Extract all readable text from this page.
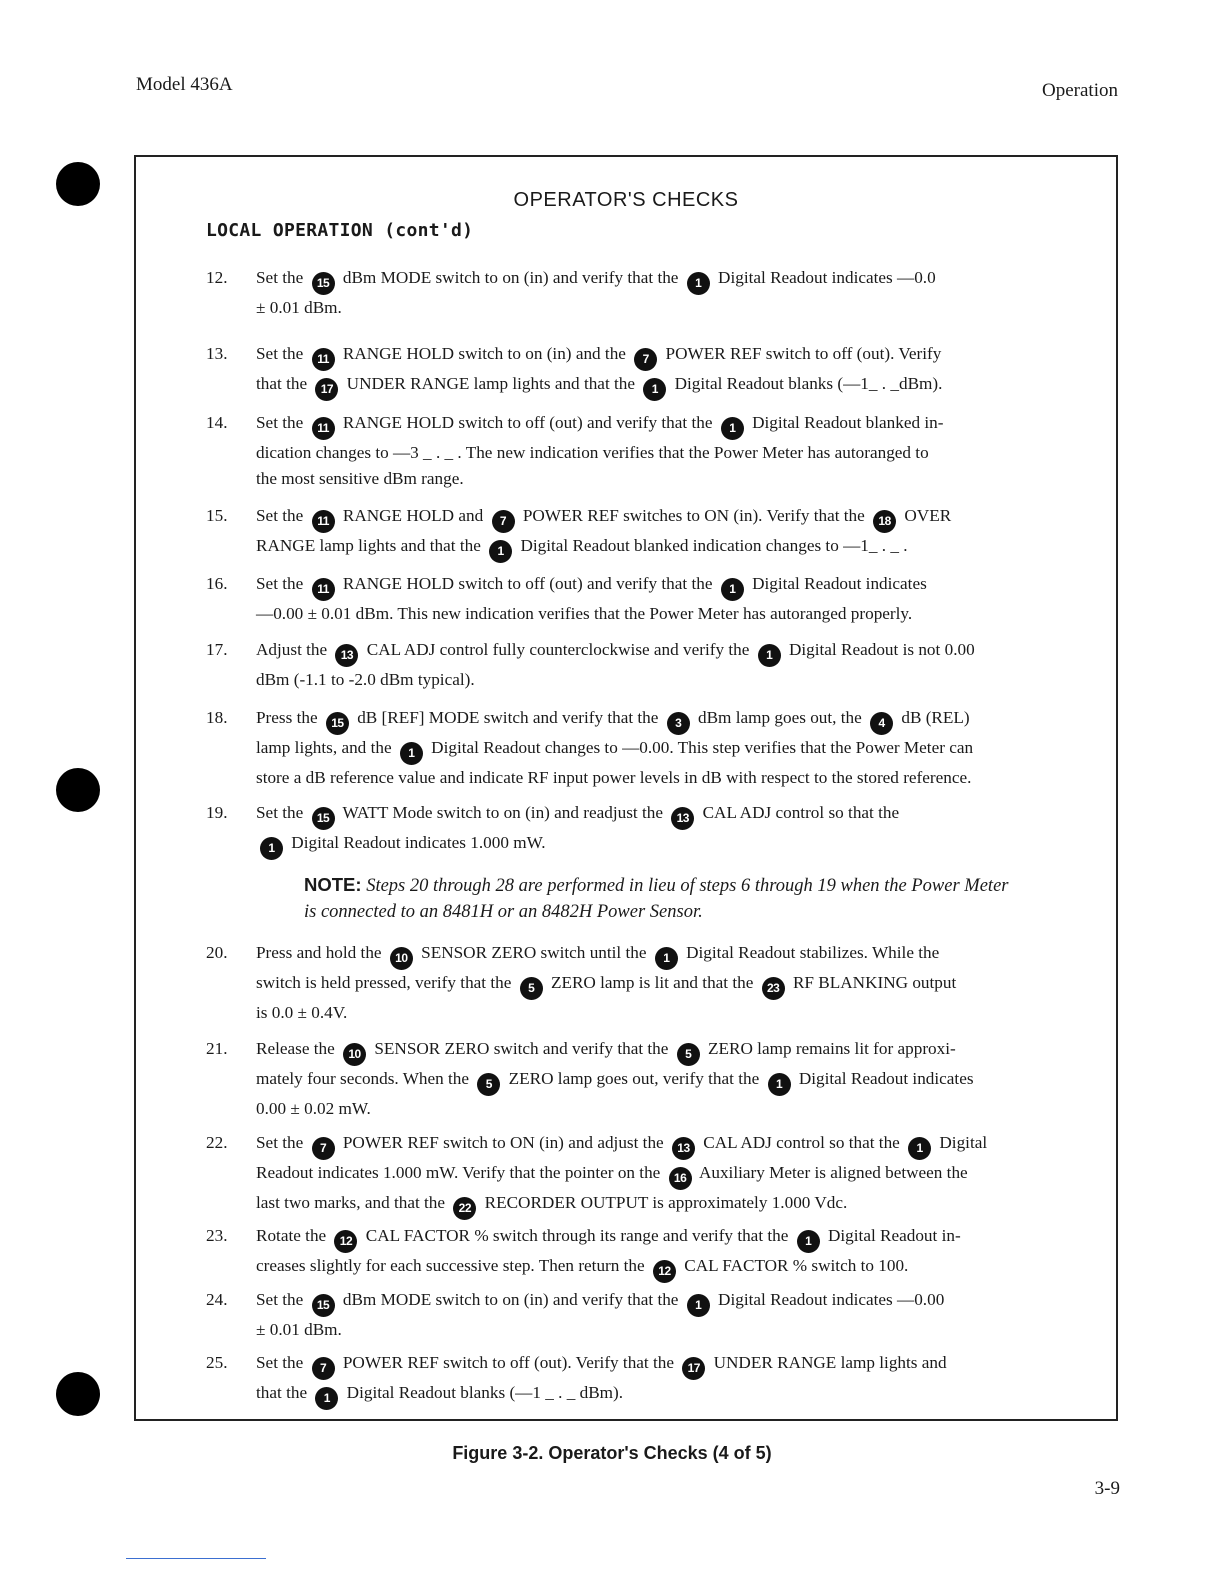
Model 436A	Operation
OPERATOR'S CHECKS
LOCAL OPERATION (cont'd)
12. Set the 15 dBm MODE switch to on (in) and verify that the 1 Digital Readout indicates —0.0
± 0.01 dBm.
13. Set the 11 RANGE HOLD switch to on (in) and the 7 POWER REF switch to off (out). Verify
that the 17 UNDER RANGE lamp lights and that the 1 Digital Readout blanks (—1_ . _dBm).
14. Set the 11 RANGE HOLD switch to off (out) and verify that the 1 Digital Readout blanked in-
dication changes to —3 _ . _ . The new indication verifies that the Power Meter has autoranged to
the most sensitive dBm range.
15. Set the 11 RANGE HOLD and 7 POWER REF switches to ON (in). Verify that the 18 OVER
RANGE lamp lights and that the 1 Digital Readout blanked indication changes to —1_ . _ .
16. Set the 11 RANGE HOLD switch to off (out) and verify that the 1 Digital Readout indicates
—0.00 ± 0.01 dBm. This new indication verifies that the Power Meter has autoranged properly.
17. Adjust the 13 CAL ADJ control fully counterclockwise and verify the 1 Digital Readout is not 0.00
dBm (-1.1 to -2.0 dBm typical).
18. Press the 15 dB [REF] MODE switch and verify that the 3 dBm lamp goes out, the 4 dB (REL)
lamp lights, and the 1 Digital Readout changes to —0.00. This step verifies that the Power Meter can
store a dB reference value and indicate RF input power levels in dB with respect to the stored reference.
19. Set the 15 WATT Mode switch to on (in) and readjust the 13 CAL ADJ control so that the
1 Digital Readout indicates 1.000 mW.
20. Press and hold the 10 SENSOR ZERO switch until the 1 Digital Readout stabilizes. While the
switch is held pressed, verify that the 5 ZERO lamp is lit and that the 23 RF BLANKING output
is 0.0 ± 0.4V.
21. Release the 10 SENSOR ZERO switch and verify that the 5 ZERO lamp remains lit for approxi-
mately four seconds. When the 5 ZERO lamp goes out, verify that the 1 Digital Readout indicates
0.00 ± 0.02 mW.
22. Set the 7 POWER REF switch to ON (in) and adjust the 13 CAL ADJ control so that the 1 Digital
Readout indicates 1.000 mW. Verify that the pointer on the 16 Auxiliary Meter is aligned between the
last two marks, and that the 22 RECORDER OUTPUT is approximately 1.000 Vdc.
23. Rotate the 12 CAL FACTOR % switch through its range and verify that the 1 Digital Readout in-
creases slightly for each successive step. Then return the 12 CAL FACTOR % switch to 100.
24. Set the 15 dBm MODE switch to on (in) and verify that the 1 Digital Readout indicates —0.00
± 0.01 dBm.
25. Set the 7 POWER REF switch to off (out). Verify that the 17 UNDER RANGE lamp lights and
that the 1 Digital Readout blanks (—1 _ . _ dBm).
NOTE: Steps 20 through 28 are performed in lieu of steps 6 through 19 when the Power Meter is connected to an 8481H or an 8482H Power Sensor.
Figure 3-2. Operator's Checks (4 of 5)
3-9
